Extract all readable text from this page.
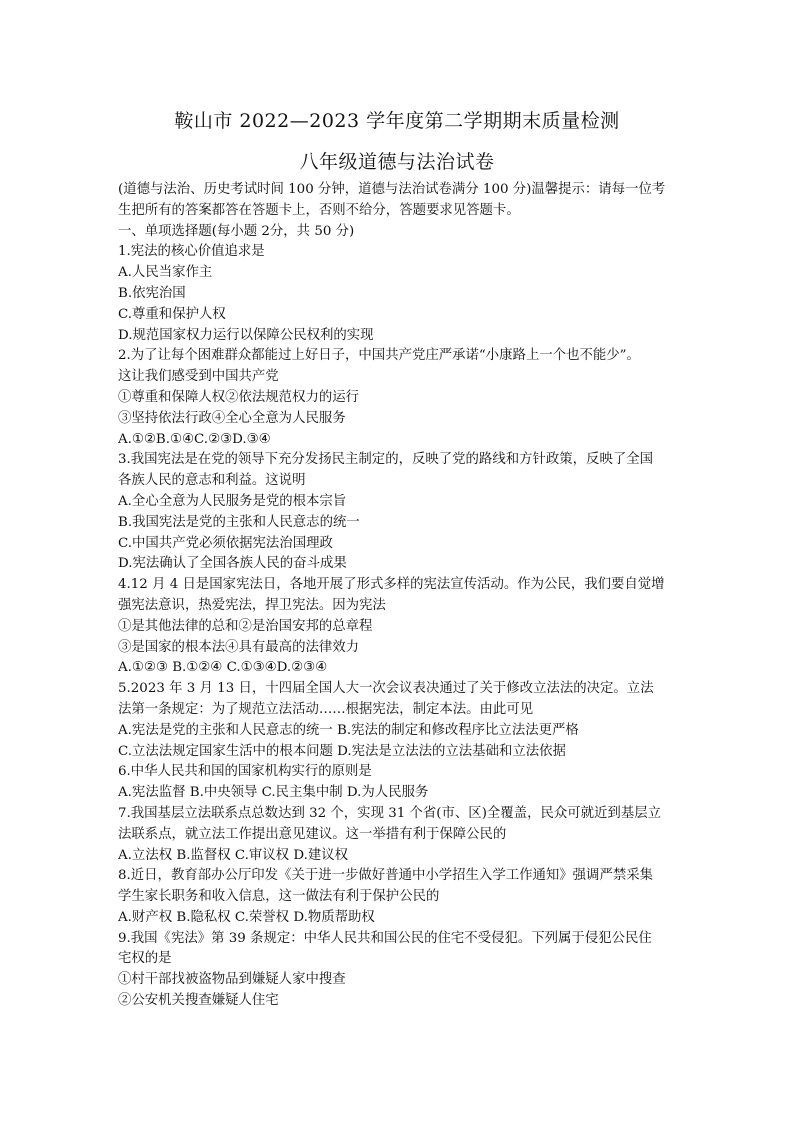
鞍山市 2022—2023 学年度第二学期期末质量检测
八年级道德与法治试卷
(道德与法治、历史考试时间 100 分钟，道德与法治试卷满分 100 分)温馨提示：请每一位考
生把所有的答案都答在答题卡上，否则不给分，答题要求见答题卡。
一、单项选择题(每小题 2分，共 50 分)
1.宪法的核心价值追求是
A.人民当家作主
B.依宪治国
C.尊重和保护人权
D.规范国家权力运行以保障公民权利的实现
2.为了让每个困难群众都能过上好日子，中国共产党庄严承诺“小康路上一个也不能少”。
这让我们感受到中国共产党
①尊重和保障人权②依法规范权力的运行
③坚持依法行政④全心全意为人民服务
A.①②B.①④C.②③D.③④
3.我国宪法是在党的领导下充分发扬民主制定的，反映了党的路线和方针政策，反映了全国
各族人民的意志和利益。这说明
A.全心全意为人民服务是党的根本宗旨
B.我国宪法是党的主张和人民意志的统一
C.中国共产党必须依据宪法治国理政
D.宪法确认了全国各族人民的奋斗成果
4.12 月 4 日是国家宪法日，各地开展了形式多样的宪法宣传活动。作为公民，我们要自觉增
强宪法意识，热爱宪法，捍卫宪法。因为宪法
①是其他法律的总和②是治国安邦的总章程
③是国家的根本法④具有最高的法律效力
A.①②③ B.①②④ C.①③④D.②③④
5.2023 年 3 月 13 日，十四届全国人大一次会议表决通过了关于修改立法法的决定。立法
法第一条规定：为了规范立法活动……根据宪法，制定本法。由此可见
A.宪法是党的主张和人民意志的统一 B.宪法的制定和修改程序比立法法更严格
C.立法法规定国家生活中的根本问题 D.宪法是立法法的立法基础和立法依据
6.中华人民共和国的国家机构实行的原则是
A.宪法监督 B.中央领导 C.民主集中制 D.为人民服务
7.我国基层立法联系点总数达到 32 个，实现 31 个省(市、区)全覆盖，民众可就近到基层立
法联系点，就立法工作提出意见建议。这一举措有利于保障公民的
A.立法权 B.监督权 C.审议权 D.建议权
8.近日，教育部办公厅印发《关于进一步做好普通中小学招生入学工作通知》强调严禁采集
学生家长职务和收入信息，这一做法有利于保护公民的
A.财产权 B.隐私权 C.荣誉权 D.物质帮助权
9.我国《宪法》第 39 条规定：中华人民共和国公民的住宅不受侵犯。下列属于侵犯公民住
宅权的是
①村干部找被盗物品到嫌疑人家中搜查
②公安机关搜查嫌疑人住宅
